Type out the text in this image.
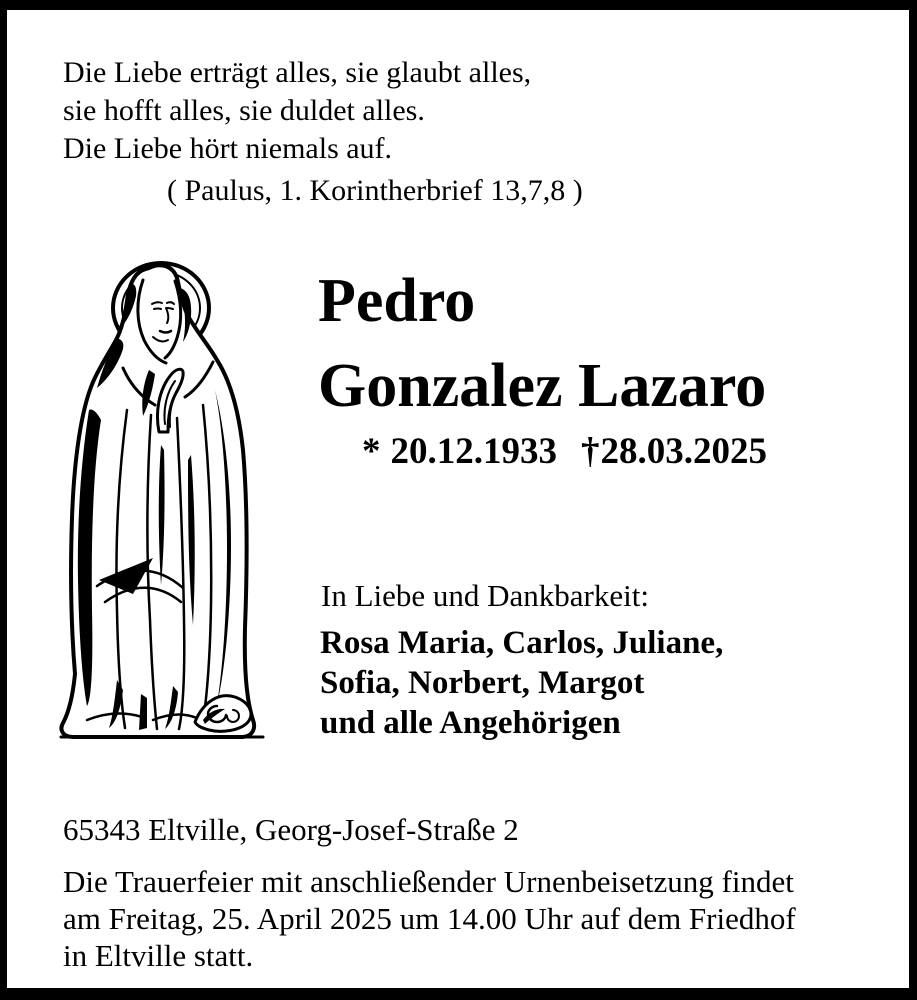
Die Liebe erträgt alles, sie glaubt alles,
sie hofft alles, sie duldet alles.
Die Liebe hört niemals auf.
( Paulus, 1. Korintherbrief 13,7,8 )
Pedro
Gonzalez Lazaro
* 20.12.1933 † 28.03.2025
In Liebe und Dankbarkeit:
Rosa Maria, Carlos, Juliane,
Sofia, Norbert, Margot
und alle Angehörigen
65343 Eltville, Georg-Josef-Straße 2
Die Trauerfeier mit anschließender Urnenbeisetzung findet
am Freitag, 25. April 2025 um 14.00 Uhr auf dem Friedhof
in Eltville statt.
